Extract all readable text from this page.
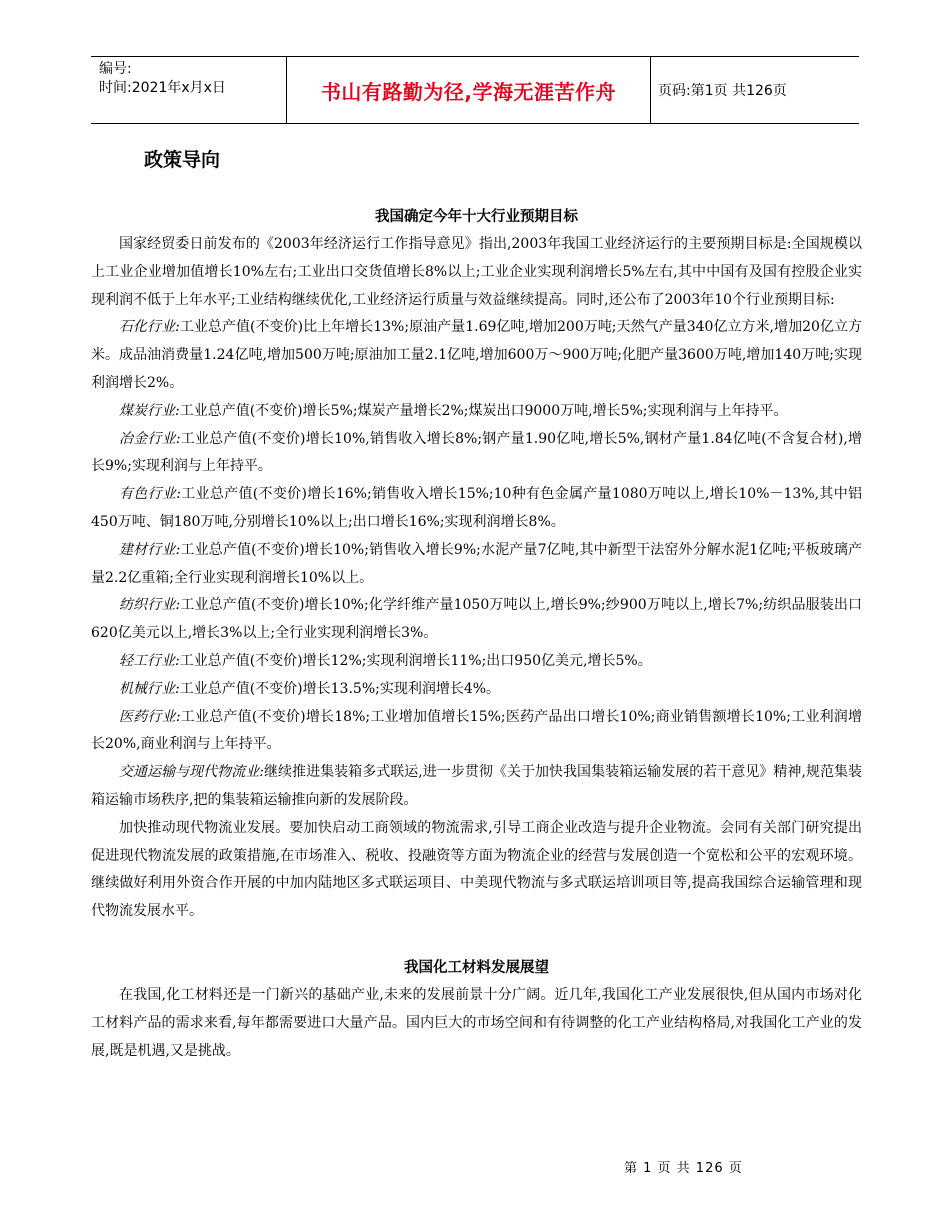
编号:
时间:2021年x月x日	书山有路勤为径,学海无涯苦作舟	页码:第1页 共126页
政策导向

我国确定今年十大行业预期目标

国家经贸委日前发布的《2003年经济运行工作指导意见》指出,2003年我国工业经济运行的主要预期目标是:全国规模以上工业企业增加值增长10%左右;工业出口交货值增长8%以上;工业企业实现利润增长5%左右,其中中国有及国有控股企业实现利润不低于上年水平;工业结构继续优化,工业经济运行质量与效益继续提高。同时,还公布了2003年10个行业预期目标:

石化行业:工业总产值(不变价)比上年增长13%;原油产量1.69亿吨,增加200万吨;天然气产量340亿立方米,增加20亿立方米。成品油消费量1.24亿吨,增加500万吨;原油加工量2.1亿吨,增加600万～900万吨;化肥产量3600万吨,增加140万吨;实现利润增长2%。

煤炭行业:工业总产值(不变价)增长5%;煤炭产量增长2%;煤炭出口9000万吨,增长5%;实现利润与上年持平。

冶金行业:工业总产值(不变价)增长10%,销售收入增长8%;钢产量1.90亿吨,增长5%,钢材产量1.84亿吨(不含复合材),增长9%;实现利润与上年持平。

有色行业:工业总产值(不变价)增长16%;销售收入增长15%;10种有色金属产量1080万吨以上,增长10%－13%,其中铝450万吨、铜180万吨,分别增长10%以上;出口增长16%;实现利润增长8%。

建材行业:工业总产值(不变价)增长10%;销售收入增长9%;水泥产量7亿吨,其中新型干法窑外分解水泥1亿吨;平板玻璃产量2.2亿重箱;全行业实现利润增长10%以上。

纺织行业:工业总产值(不变价)增长10%;化学纤维产量1050万吨以上,增长9%;纱900万吨以上,增长7%;纺织品服装出口620亿美元以上,增长3%以上;全行业实现利润增长3%。

轻工行业:工业总产值(不变价)增长12%;实现利润增长11%;出口950亿美元,增长5%。

机械行业:工业总产值(不变价)增长13.5%;实现利润增长4%。

医药行业:工业总产值(不变价)增长18%;工业增加值增长15%;医药产品出口增长10%;商业销售额增长10%;工业利润增长20%,商业利润与上年持平。

交通运输与现代物流业:继续推进集装箱多式联运,进一步贯彻《关于加快我国集装箱运输发展的若干意见》精神,规范集装箱运输市场秩序,把的集装箱运输推向新的发展阶段。

加快推动现代物流业发展。要加快启动工商领域的物流需求,引导工商企业改造与提升企业物流。会同有关部门研究提出促进现代物流发展的政策措施,在市场准入、税收、投融资等方面为物流企业的经营与发展创造一个宽松和公平的宏观环境。继续做好利用外资合作开展的中加内陆地区多式联运项目、中美现代物流与多式联运培训项目等,提高我国综合运输管理和现代物流发展水平。

我国化工材料发展展望

在我国,化工材料还是一门新兴的基础产业,未来的发展前景十分广阔。近几年,我国化工产业发展很快,但从国内市场对化工材料产品的需求来看,每年都需要进口大量产品。国内巨大的市场空间和有待调整的化工产业结构格局,对我国化工产业的发展,既是机遇,又是挑战。

第 1 页 共 126 页
